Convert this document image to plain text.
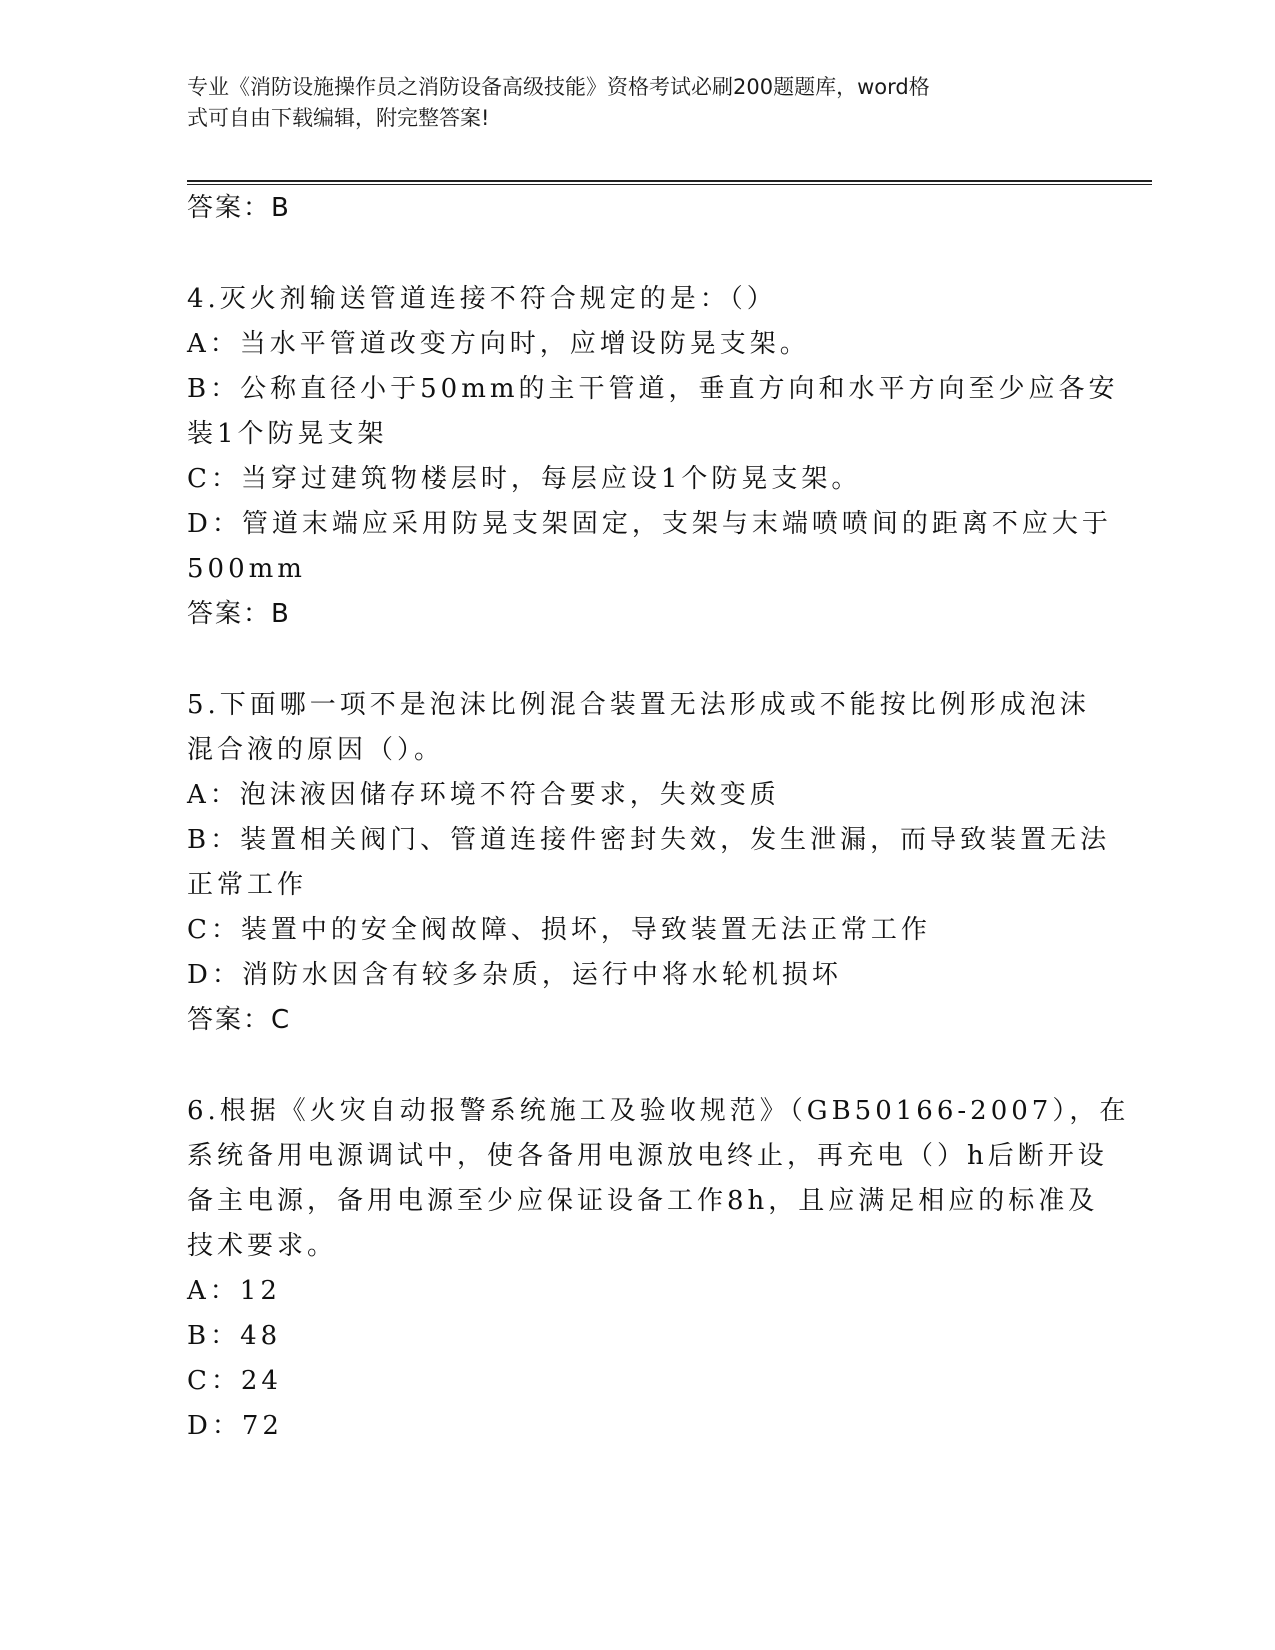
专业《消防设施操作员之消防设备高级技能》资格考试必刷200题题库，word格
式可自由下载编辑，附完整答案!
答案：B
4.灭火剂输送管道连接不符合规定的是：（）
A：当水平管道改变方向时，应增设防晃支架。
B：公称直径小于50mm的主干管道，垂直方向和水平方向至少应各安
装1个防晃支架
C：当穿过建筑物楼层时，每层应设1个防晃支架。
D：管道末端应采用防晃支架固定，支架与末端喷喷间的距离不应大于
500mm
答案：B
5.下面哪一项不是泡沫比例混合装置无法形成或不能按比例形成泡沫
混合液的原因（）。
A：泡沫液因储存环境不符合要求，失效变质
B：装置相关阀门、管道连接件密封失效，发生泄漏，而导致装置无法
正常工作
C：装置中的安全阀故障、损坏，导致装置无法正常工作
D：消防水因含有较多杂质，运行中将水轮机损坏
答案：C
6.根据《火灾自动报警系统施工及验收规范》（GB50166-2007），在
系统备用电源调试中，使各备用电源放电终止，再充电（）h后断开设
备主电源，备用电源至少应保证设备工作8h，且应满足相应的标准及
技术要求。
A：12
B：48
C：24
D：72
